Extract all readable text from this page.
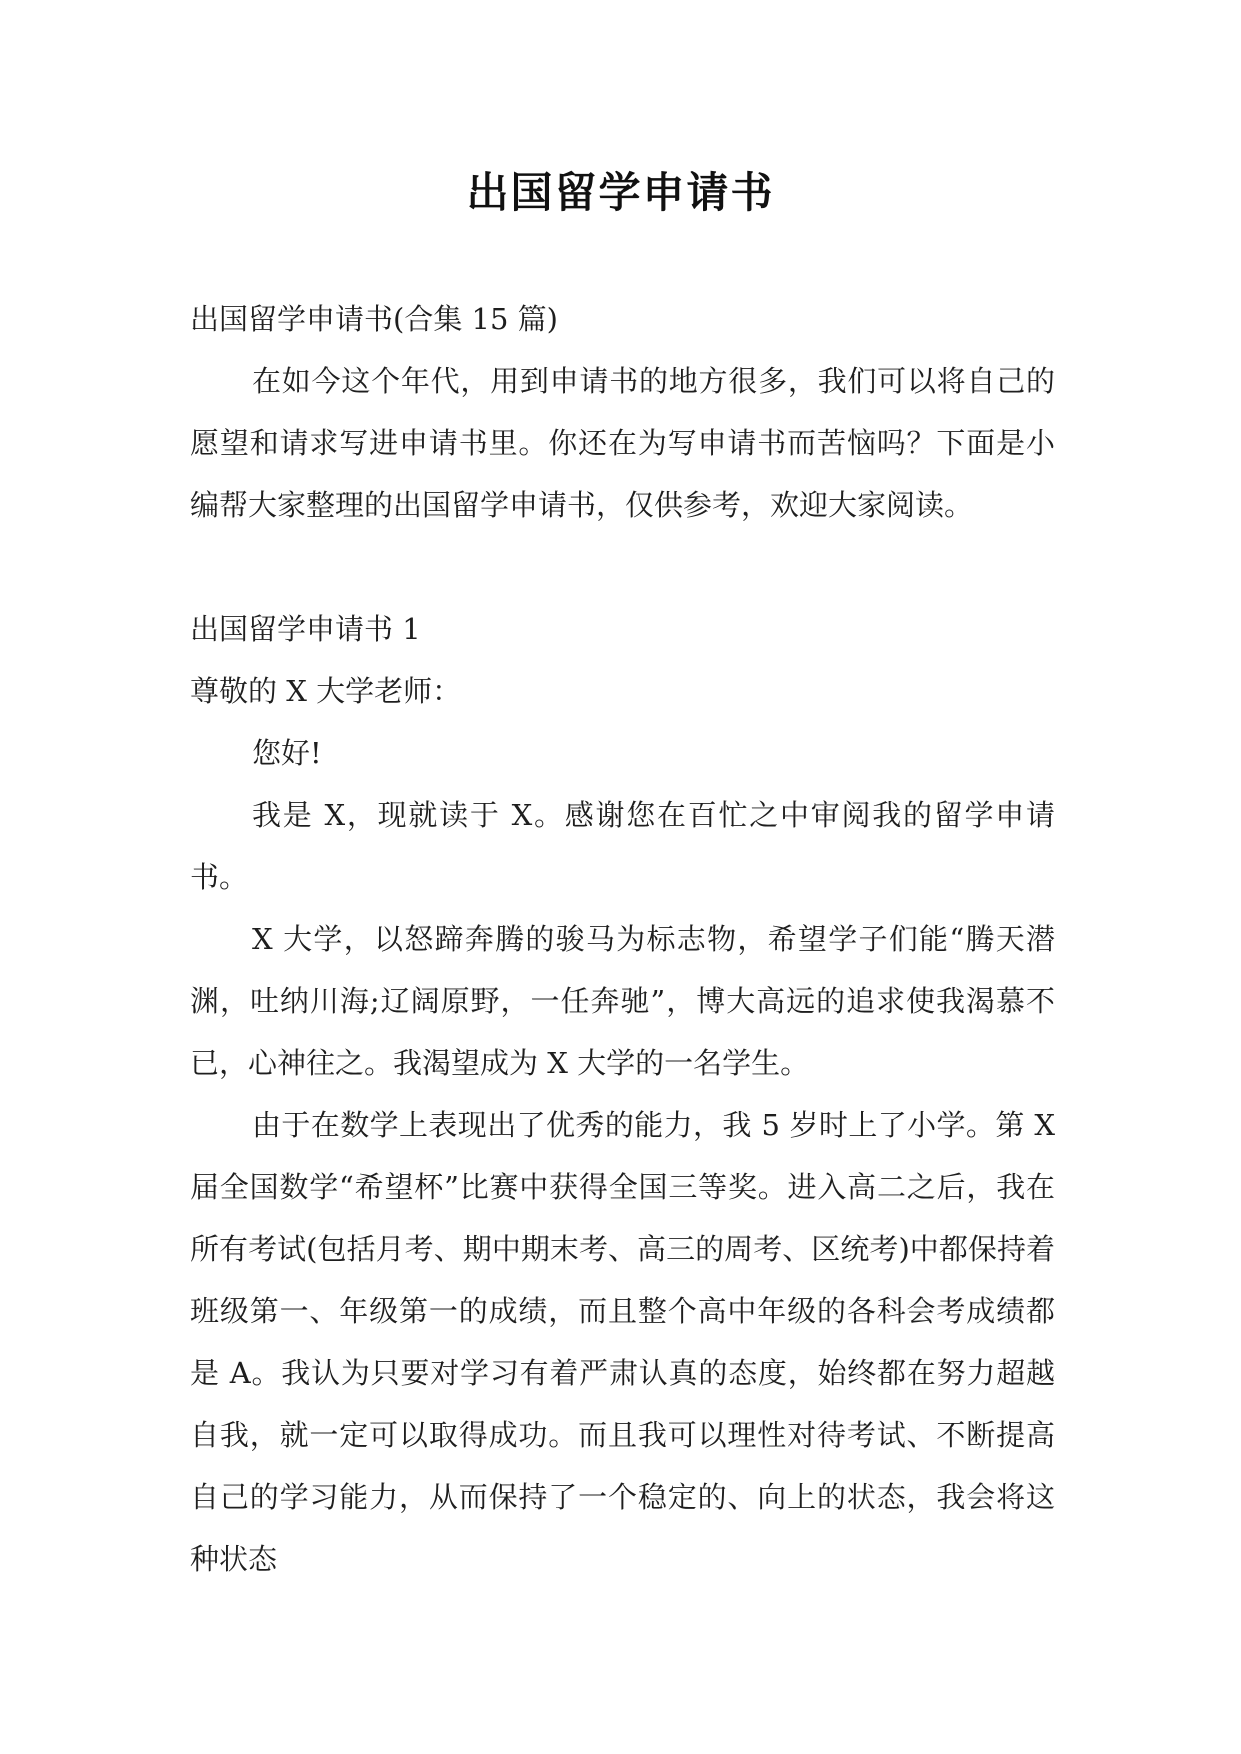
出国留学申请书

出国留学申请书(合集 15 篇)

在如今这个年代，用到申请书的地方很多，我们可以将自己的愿望和请求写进申请书里。你还在为写申请书而苦恼吗？下面是小编帮大家整理的出国留学申请书，仅供参考，欢迎大家阅读。

出国留学申请书 1

尊敬的 X 大学老师：

您好!

我是 X，现就读于 X。感谢您在百忙之中审阅我的留学申请书。

X 大学，以怒蹄奔腾的骏马为标志物，希望学子们能“腾天潜渊，吐纳川海;辽阔原野，一任奔驰”，博大高远的追求使我渴慕不已，心神往之。我渴望成为 X 大学的一名学生。

由于在数学上表现出了优秀的能力，我 5 岁时上了小学。第 X 届全国数学“希望杯”比赛中获得全国三等奖。进入高二之后，我在所有考试(包括月考、期中期末考、高三的周考、区统考)中都保持着班级第一、年级第一的成绩，而且整个高中年级的各科会考成绩都是 A。我认为只要对学习有着严肃认真的态度，始终都在努力超越自我，就一定可以取得成功。而且我可以理性对待考试、不断提高自己的学习能力，从而保持了一个稳定的、向上的状态，我会将这种状态
